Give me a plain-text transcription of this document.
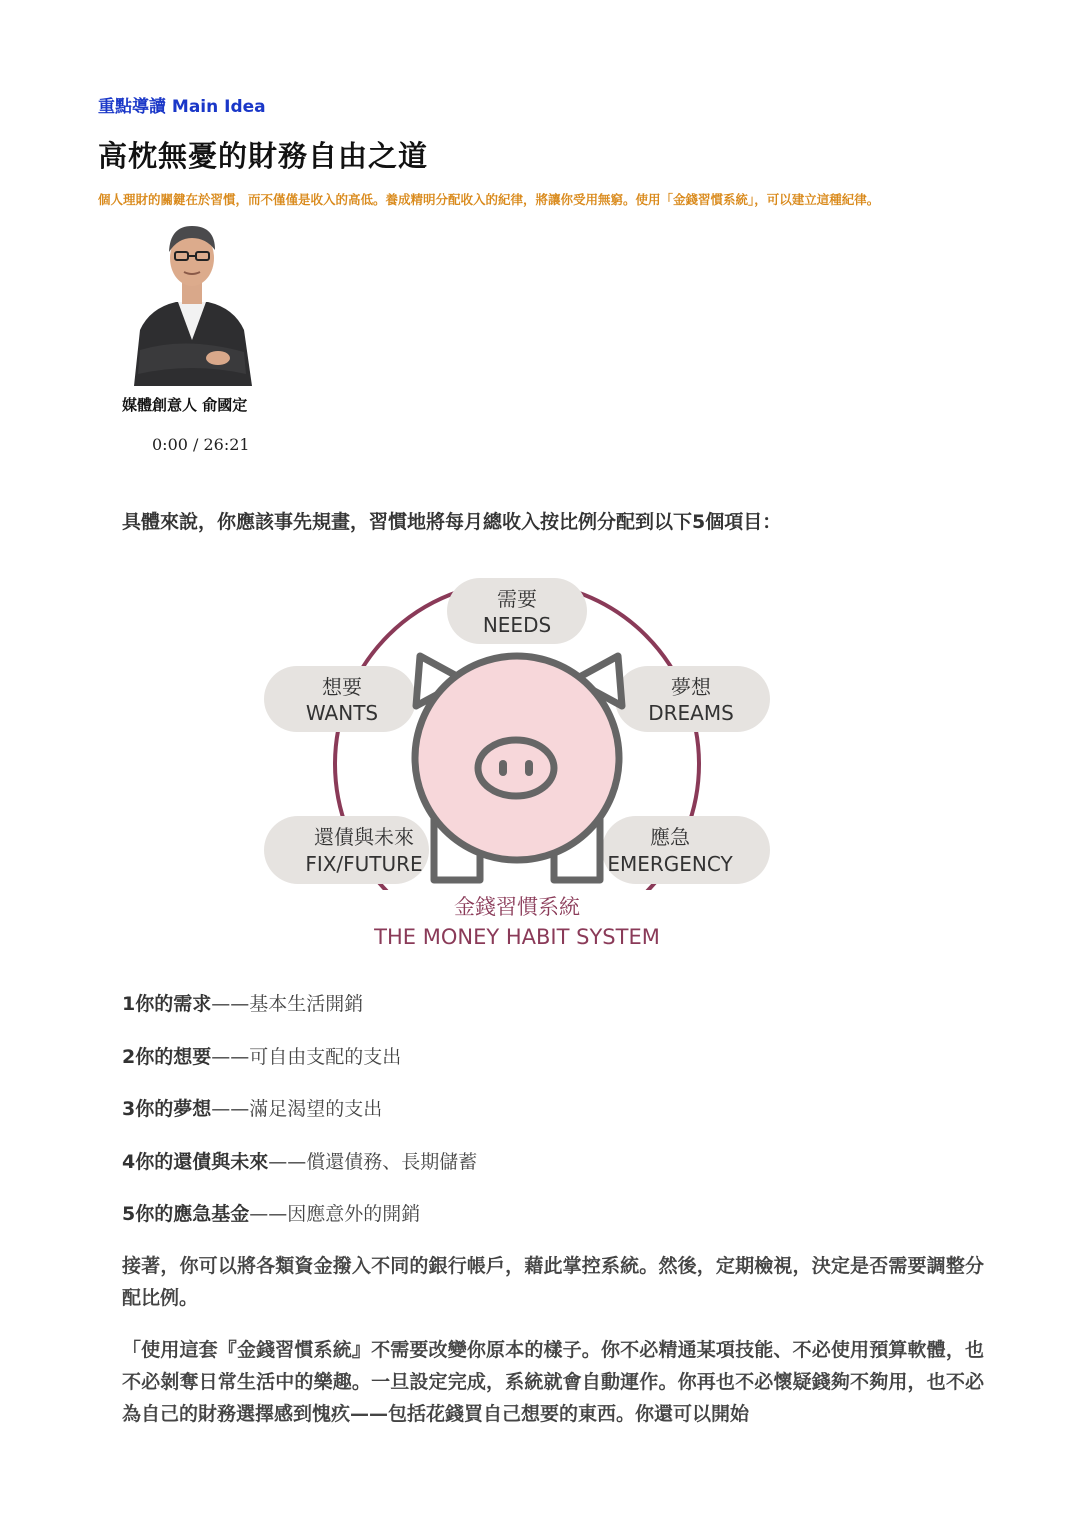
重點導讀 Main Idea
高枕無憂的財務自由之道
個人理財的關鍵在於習慣，而不僅僅是收入的高低。養成精明分配收入的紀律，將讓你受用無窮。使用「金錢習慣系統」，可以建立這種紀律。
媒體創意人 俞國定
0:00 / 26:21
具體來說，你應該事先規畫，習慣地將每月總收入按比例分配到以下5個項目：
需要
NEEDS
想要
WANTS
夢想
DREAMS
還債與未來
FIX/FUTURE
應急
EMERGENCY
金錢習慣系統
THE MONEY HABIT SYSTEM
1你的需求——基本生活開銷
2你的想要——可自由支配的支出
3你的夢想——滿足渴望的支出
4你的還債與未來——償還債務、長期儲蓄
5你的應急基金——因應意外的開銷

接著，你可以將各類資金撥入不同的銀行帳戶，藉此掌控系統。然後，定期檢視，決定是否需要調整分配比例。

「使用這套『金錢習慣系統』不需要改變你原本的樣子。你不必精通某項技能、不必使用預算軟體，也不必剝奪日常生活中的樂趣。一旦設定完成，系統就會自動運作。你再也不必懷疑錢夠不夠用，也不必為自己的財務選擇感到愧疚——包括花錢買自己想要的東西。你還可以開始
